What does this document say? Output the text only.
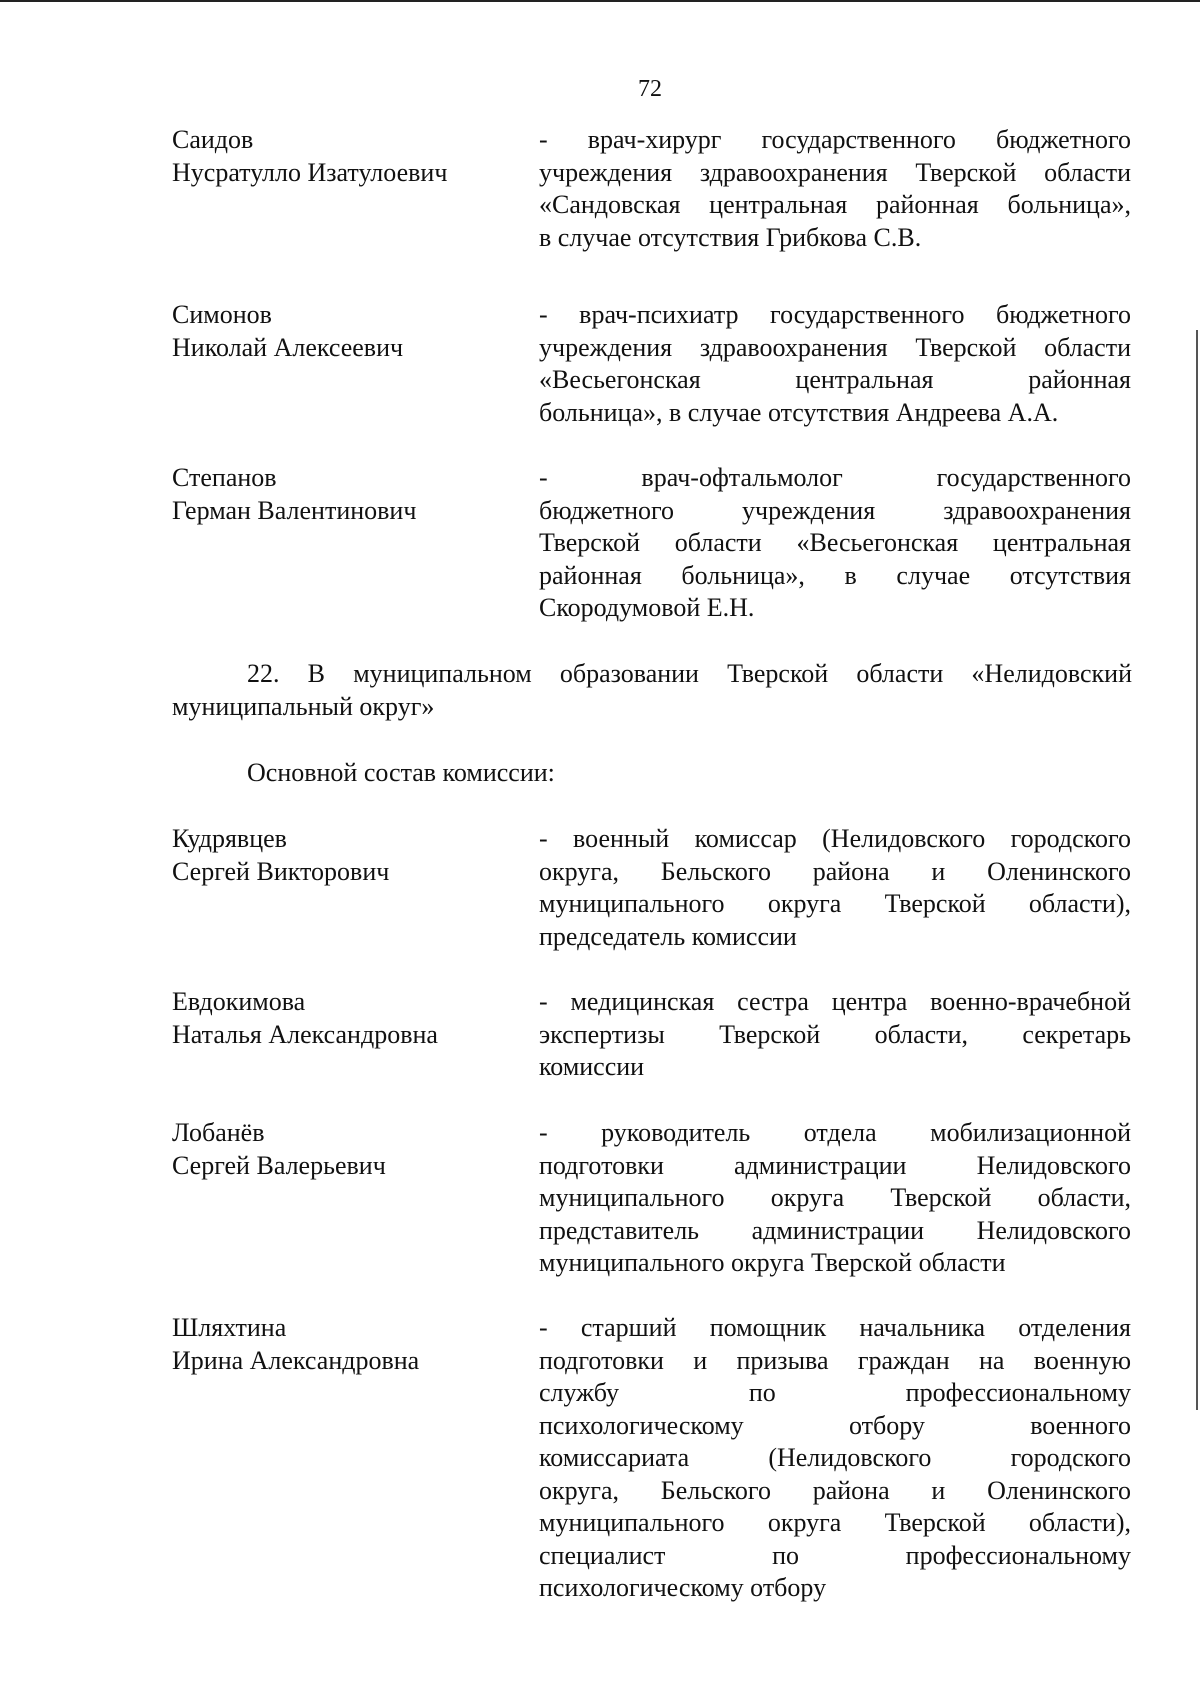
72
Саидов
Нусратулло Изатулоевич
- врач-хирург государственного бюджетного
учреждения здравоохранения Тверской области
«Сандовская центральная районная больница»,
в случае отсутствия Грибкова С.В.
Симонов
Николай Алексеевич
- врач-психиатр государственного бюджетного
учреждения здравоохранения Тверской области
«Весьегонская центральная районная
больница», в случае отсутствия Андреева А.А.
Степанов
Герман Валентинович
- врач-офтальмолог государственного
бюджетного учреждения здравоохранения
Тверской области «Весьегонская центральная
районная больница», в случае отсутствия
Скородумовой Е.Н.
22. В муниципальном образовании Тверской области «Нелидовский
муниципальный округ»
Основной состав комиссии:
Кудрявцев
Сергей Викторович
- военный комиссар (Нелидовского городского
округа, Бельского района и Оленинского
муниципального округа Тверской области),
председатель комиссии
Евдокимова
Наталья Александровна
- медицинская сестра центра военно-врачебной
экспертизы Тверской области, секретарь
комиссии
Лобанёв
Сергей Валерьевич
- руководитель отдела мобилизационной
подготовки администрации Нелидовского
муниципального округа Тверской области,
представитель администрации Нелидовского
муниципального округа Тверской области
Шляхтина
Ирина Александровна
- старший помощник начальника отделения
подготовки и призыва граждан на военную
службу по профессиональному
психологическому отбору военного
комиссариата (Нелидовского городского
округа, Бельского района и Оленинского
муниципального округа Тверской области),
специалист по профессиональному
психологическому отбору
